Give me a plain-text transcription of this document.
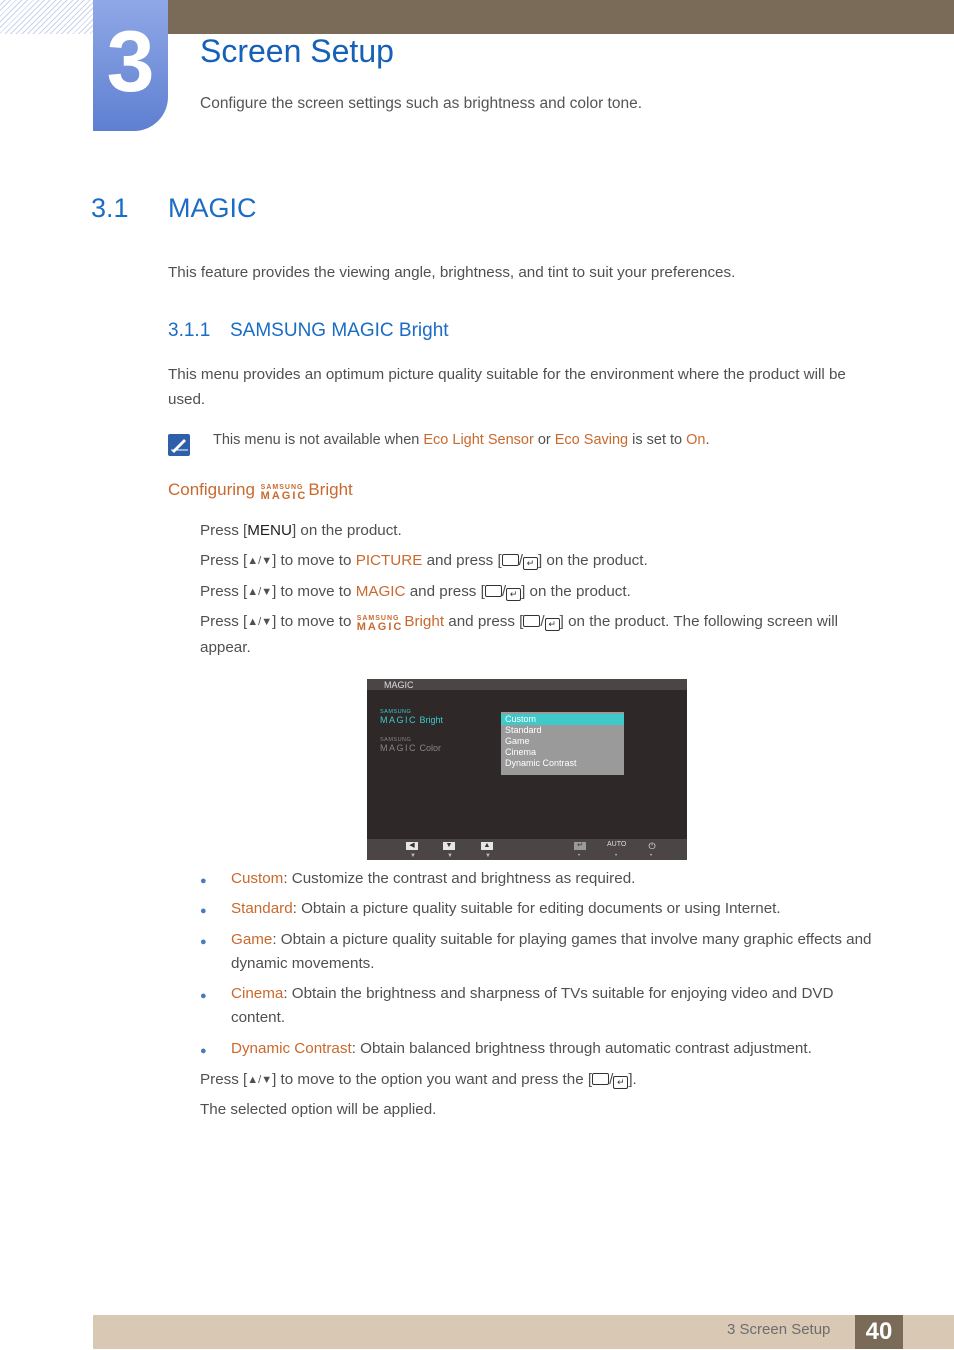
3	Screen Setup
Configure the screen settings such as brightness and color tone.
3.1 MAGIC
This feature provides the viewing angle, brightness, and tint to suit your preferences.
3.1.1 SAMSUNG MAGIC Bright
This menu provides an optimum picture quality suitable for the environment where the product will be used.
This menu is not available when Eco Light Sensor or Eco Saving is set to On.
Configuring SAMSUNG
MAGIC Bright
Press [MENU] on the product.
Press [▲/▼] to move to PICTURE and press [ / ↵ ] on the product.
Press [▲/▼] to move to MAGIC and press [ / ↵ ] on the product.
Press [▲/▼] to move to SAMSUNG
MAGIC Bright and press [ / ↵ ] on the product. The following screen will
appear.
MAGIC
SAMSUNG
MAGIC Bright
SAMSUNG
MAGIC Color
Custom
Standard
Game
Cinema
Dynamic Contrast
◀	▼	▲	↵	AUTO ⏻
▼	▼	▼	•	•	•
● Custom: Customize the contrast and brightness as required.
● Standard: Obtain a picture quality suitable for editing documents or using Internet.
● Game: Obtain a picture quality suitable for playing games that involve many graphic effects and
dynamic movements.
● Cinema: Obtain the brightness and sharpness of TVs suitable for enjoying video and DVD
content.
● Dynamic Contrast: Obtain balanced brightness through automatic contrast adjustment.
Press [▲/▼] to move to the option you want and press the [ / ↵ ].
The selected option will be applied.
3 Screen Setup	40
